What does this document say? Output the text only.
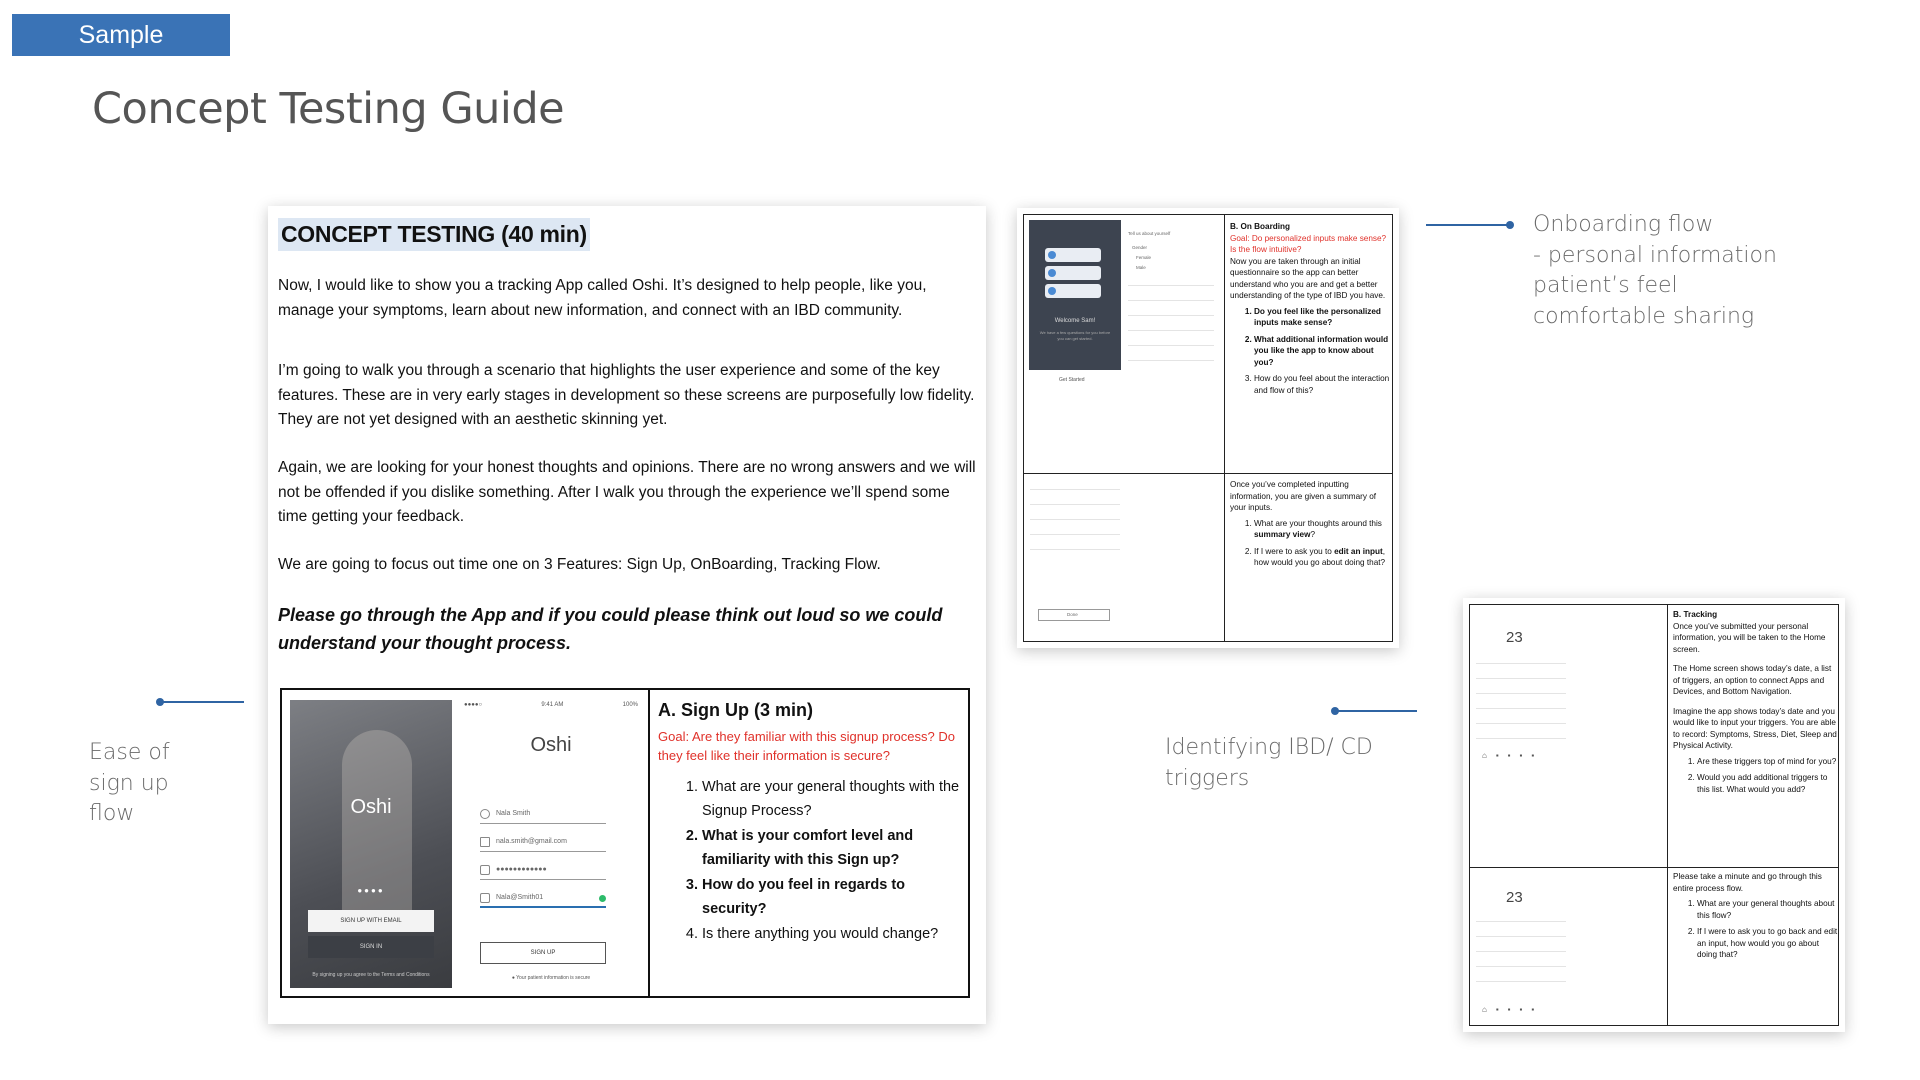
Sample
Concept Testing Guide
CONCEPT TESTING (40 min)

Now, I would like to show you a tracking App called Oshi. It’s designed to help people, like you, manage your symptoms, learn about new information, and connect with an IBD community.

I’m going to walk you through a scenario that highlights the user experience and some of the key features. These are in very early stages in development so these screens are purposefully low fidelity. They are not yet designed with an aesthetic skinning yet.

Again, we are looking for your honest thoughts and opinions. There are no wrong answers and we will not be offended if you dislike something. After I walk you through the experience we’ll spend some time getting your feedback.

We are going to focus out time one on 3 Features: Sign Up, OnBoarding, Tracking Flow.

Please go through the App and if you could please think out loud so we could understand your thought process.

Oshi
●●●●
SIGN UP WITH EMAIL
SIGN IN
By signing up you agree to the Terms and Conditions
●●●●○	9:41 AM	100%
Oshi
Nala Smith
nala.smith@gmail.com
●●●●●●●●●●●●
Nala@Smith01
SIGN UP
● Your patient information is secure
A. Sign Up (3 min)
Goal: Are they familiar with this signup process? Do they feel like their information is secure?
1. What are your general thoughts with the Signup Process?
2. What is your comfort level and familiarity with this Sign up?
3. How do you feel in regards to security?
4. Is there anything you would change?
Welcome Sam!
We have a few questions for you before you can get started.
Get Started
Tell us about yourself
Gender
Female
Male
B. On Boarding
Goal: Do personalized inputs make sense? Is the flow intuitive?
Now you are taken through an initial questionnaire so the app can better understand who you are and get a better understanding of the type of IBD you have.
1. Do you feel like the personalized inputs make sense?
2. What additional information would you like the app to know about you?
3. How do you feel about the interaction and flow of this?
Done
Once you’ve completed inputting information, you are given a summary of your inputs.
1. What are your thoughts around this summary view?
2. If I were to ask you to edit an input, how would you go about doing that?
23
⌂▪▪▪▪
23
⌂▪▪▪▪
B. Tracking
Once you’ve submitted your personal information, you will be taken to the Home screen.
The Home screen shows today’s date, a list of triggers, an option to connect Apps and Devices, and Bottom Navigation.
Imagine the app shows today’s date and you would like to input your triggers. You are able to record: Symptoms, Stress, Diet, Sleep and Physical Activity.
1. Are these triggers top of mind for you?
2. Would you add additional triggers to this list. What would you add?
Please take a minute and go through this entire process flow.
1. What are your general thoughts about this flow?
2. If I were to ask you to go back and edit an input, how would you go about doing that?
Onboarding flow
- personal information
patient’s feel
comfortable sharing
Ease of
sign up
flow
Identifying IBD/ CD
triggers
